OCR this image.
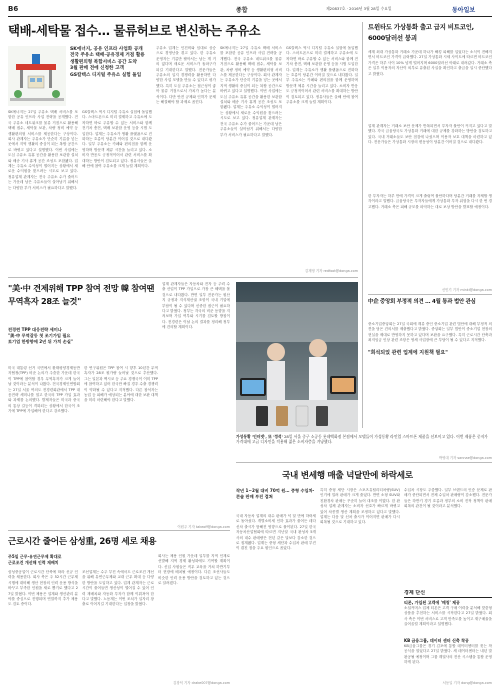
B6	종합	제20837호 · 2016년 3월 28일 수요일	동아일보
택배-세탁물 접수… 물류허브로 변신하는 주유소
SK에너지, 공유 인프라 사업화 공개
전국 주유소 택배·공유경제 거점 활용
생활편의형 복합서비스 공간 도약
3월 판매 전에 신청한 고객
GS칼텍스 디지털 주유소 실험 돌입
SK에너지는 27일 주유소 택배 서비스를 포함한 공유 인프라 사업 전략을 공개했다. 전국 주유소 네트워크를 물류 거점으로 활용해 택배 접수, 세탁물 보관, 차량 정비 예약 등 생활편의형 서비스를 제공한다는 구상이다. 회사 관계자는 주유소가 단순히 기름을 넣는 곳에서 지역 생활의 중심이 되는 복합 공간으로 바뀌고 있다고 설명했다. 이번 사업에는 도심 주유소 유휴 공간을 활용한 보관함 설치와 배송 기사 휴게 공간 조성도 포함됐다. 업계는 주유소 수익성이 떨어지는 상황에서 새로운 수익원을 찾으려는 시도로 보고 있다. 정유업계 관계자는 전국 주유소 수가 줄어드는 가운데 남은 주유소들이 살아남기 위해서는 다양한 부가 서비스가 필요하다고 말했다.
GS칼텍스 역시 디지털 주유소 실험에 돌입했다. 스마트폰으로 미리 결제하고 주유소에 도착하면 바로 주유할 수 있는 서비스와 함께 전기차 충전, 택배 보관함 운영 등을 시범 도입한다. 업계는 주유소가 생활 플랫폼으로 진화하는 흐름이 당분간 이어질 것으로 내다봤다. 일부 주유소는 카페와 편의점을 함께 운영하며 방문객 체류 시간을 늘리고 있다. 소비자 반응도 긍정적이어서 관련 서비스를 확대하는 방안이 검토되고 있다. 정유사들은 올해 안에 참여 주유소를 크게 늘릴 계획이다.
주유소 업계는 인건비와 임대료 상승으로 경영난을 겪고 있다. 한 주유소 운영자는 기름만 팔아서는 남는 게 거의 없다며 새로운 서비스가 돌파구가 되길 기대한다고 말했다. 전문가들은 주유소의 입지 경쟁력을 활용하면 다양한 사업 모델을 만들 수 있다고 평가했다. 특히 도심 주유소는 접근성이 좋아 물류 거점으로서 가치가 높다는 분석이다. 다만 안전 규제와 인허가 문제는 해결해야 할 과제로 꼽힌다.
SK에너지는 27일 주유소 택배 서비스를 포함한 공유 인프라 사업 전략을 공개했다. 전국 주유소 네트워크를 물류 거점으로 활용해 택배 접수, 세탁물 보관, 차량 정비 예약 등 생활편의형 서비스를 제공한다는 구상이다. 회사 관계자는 주유소가 단순히 기름을 넣는 곳에서 지역 생활의 중심이 되는 복합 공간으로 바뀌고 있다고 설명했다. 이번 사업에는 도심 주유소 유휴 공간을 활용한 보관함 설치와 배송 기사 휴게 공간 조성도 포함됐다. 업계는 주유소 수익성이 떨어지는 상황에서 새로운 수익원을 찾으려는 시도로 보고 있다. 정유업계 관계자는 전국 주유소 수가 줄어드는 가운데 남은 주유소들이 살아남기 위해서는 다양한 부가 서비스가 필요하다고 말했다.
GS칼텍스 역시 디지털 주유소 실험에 돌입했다. 스마트폰으로 미리 결제하고 주유소에 도착하면 바로 주유할 수 있는 서비스와 함께 전기차 충전, 택배 보관함 운영 등을 시범 도입한다. 업계는 주유소가 생활 플랫폼으로 진화하는 흐름이 당분간 이어질 것으로 내다봤다. 일부 주유소는 카페와 편의점을 함께 운영하며 방문객 체류 시간을 늘리고 있다. 소비자 반응도 긍정적이어서 관련 서비스를 확대하는 방안이 검토되고 있다. 정유사들은 올해 안에 참여 주유소를 크게 늘릴 계획이다.
김재영 기자 redfoot@donga.com
"美·中 견제위해 TPP 참여 전망 韓 참여땐 무역흑자 28조 늘것"
전경련 TPP 대응전략 세미나
"美·中 무역갈등 첫 조기가입 필요
토기업 한방향에 2년 뒤 가치 손실"
미국 대통령 선거 국면에서 환태평양경제동반자협정(TPP) 비준 논의가 주춤한 가운데 한국이 TPP에 참여할 경우 무역흑자가 크게 늘어날 것이라는 분석이 나왔다. 전국경제인연합회는 27일 서울 여의도 전경련회관에서 TPP 대응전략 세미나를 열고 한국의 TPP 가입 효과와 과제를 논의했다. 발제자들은 미국과 중국의 통상 갈등이 격화되는 상황에서 한국이 조기에 TPP에 가입해야 한다고 강조했다.
한 연구위원은 TPP 참여 시 향후 10년간 무역흑자가 28조 원가량 늘어날 것으로 추산했다. 그는 일본과 멕시코 등 주요 경쟁국이 이미 TPP에 참여하고 있어 한국만 빠질 경우 수출 경쟁력이 약화될 수 있다고 지적했다. 다른 참석자는 농업 등 피해가 예상되는 분야에 대한 보완 대책을 미리 마련해야 한다고 말했다.
업계 관계자들은 자동차와 전자 등 주력 수출 산업이 TPP 가입으로 가장 큰 혜택을 볼 것으로 내다봤다. 반면 일부 전문가는 원산지 규정과 지식재산권 조항이 국내 기업에 부담이 될 수 있다며 신중한 접근이 필요하다고 밝혔다. 정부는 각국의 비준 동향을 지켜보며 가입 여부와 시기를 검토할 방침이다. 전경련은 이날 논의 결과를 정리해 정부에 건의할 계획이다.
이원주 기자 takeoff@donga.com
가성동황 '인터넷', 또 '정석' 28일 서울 중구 소공동 롯데백화점 본점에서 모델들이 가성동황 라인업 스마트폰 제품을 선보이고 있다. 이번 제품은 중저가 가격대에 고급 디자인을 적용해 젊은 소비자층을 겨냥했다.
박영대 기자 sannae@donga.com
근로시간 줄어든 삼성重, 26명 세로 채용
주5일 근무·유연근무제 확대로
근로조건 개선해 인력 재배치
삼성중공업이 근로시간 단축에 따라 신규 인력을 채용한다. 회사 측은 주 52시간 근무제 시행에 대비해 생산 현장의 인력 운용 방식을 바꾸고 부족한 인원을 새로 뽑기로 했다고 27일 밝혔다. 이번 채용은 설계와 생산관리 분야를 중심으로 진행되며 연말까지 추가 채용도 검토 중이다.
조선업계는 수주 부진 속에서도 근로조건 개선을 위해 유연근무제와 교대 근무 확대 등 다양한 방안을 도입하고 있다. 업계 관계자는 근로시간이 줄어들면 생산성이 떨어질 수 있어 인력 재배치와 자동화 투자가 함께 이뤄져야 한다고 말했다. 노동계는 이번 조치가 일자리 창출로 이어지길 기대한다는 입장을 밝혔다.
회사는 채용 인원 가운데 일부를 지역 인재로 선발해 지역 경제 활성화에도 기여할 계획이다. 신입 사원들은 직무 교육을 거쳐 하반기부터 현장에 배치될 예정이다. 다른 조선사들도 비슷한 인력 운용 방안을 검토하고 있는 것으로 알려졌다.
김창덕 기자 drake007@donga.com
국내 변세행 매출 넉달만에 하락세로
작년 1~2월 대비 70억 원… 중형 수입차·콘솔 판매 부진 겹쳐
국내 자동차 업계의 내수 판매가 넉 달 만에 하락세로 돌아섰다. 개별소비세 인하 효과가 줄어든 데다 신차 출시가 뜸해진 영향으로 풀이된다. 27일 한국자동차산업협회에 따르면 지난달 국내 완성차 5개사의 내수 판매량은 전년 같은 달보다 감소한 것으로 집계됐다. 업계는 중형 세단과 수입차 판매 부진이 겹친 점을 주요 원인으로 꼽았다.
특히 중형 세단 시장은 스포츠유틸리티차량(SUV) 인기에 밀려 판매가 크게 줄었다. 반면 소형 SUV와 친환경차 판매는 꾸준히 늘어 대조를 이뤘다. 한 완성차 업체 관계자는 소비자 선호가 빠르게 바뀌고 있어 차종별 생산 계획을 조정하고 있다고 말했다. 업계는 다음 달 신차 출시가 이어지면 판매가 다시 회복될 것으로 기대하고 있다.
수입차 시장도 주춤했다. 일부 브랜드의 인증 문제로 판매가 중단되면서 전체 수입차 판매량이 감소했다. 전문가들은 하반기 경기 흐름과 정부의 소비 진작 정책이 판매 회복의 관건이 될 것이라고 분석했다.
서동일 기자 dong@donga.com
트윈타도 가상통화 출고 급지 비트코인, 6000달러선 붕괴
세계 최대 가상통화 거래소 가운데 하나가 해킹 피해를 입었다는 소식이 전해지면서 비트코인 가격이 급락했다. 27일 가상통화 시세 사이트에 따르면 비트코인 가격은 하루 사이 10% 넘게 떨어지며 6000달러선 아래로 내려갔다. 거래소 측은 일부 이용자의 자산이 외부로 유출된 사실을 확인하고 출금을 일시 중단했다고 밝혔다.
업계 관계자는 거래소 보안 문제가 반복되면서 투자자 불안이 커지고 있다고 말했다. 각국 금융당국도 가상통화 거래에 대한 규제를 강화하는 방안을 검토하고 있다. 국내 거래소들도 보안 점검에 나섰으며 이용자 보호 대책을 마련하고 있다. 전문가들은 가상통화 시장의 변동성이 당분간 이어질 것으로 내다봤다.
한 투자자는 하루 만에 가격이 크게 출렁여 불안하다며 당분간 거래를 자제할 생각이라고 말했다. 금융당국은 투자자들에게 가상통화 투자 위험을 다시 한 번 경고했다. 거래소 측은 피해 규모를 파악하는 대로 보상 방안을 발표할 예정이다.
신민기 기자 minki@donga.com
中企 중앙회 부정적 의견 … 4월 통과 법안 관심
중소기업중앙회는 27일 국회에 계류 중인 중소기업 관련 법안에 대해 부정적 의견을 담은 건의서를 제출했다고 밝혔다. 중앙회는 일부 법안이 중소기업 현장의 현실을 제대로 반영하지 못하고 있다며 보완을 요구했다. 특히 근로시간 단축과 최저임금 인상 관련 조항은 영세 사업장에 큰 부담이 될 수 있다고 지적했다.
"희석되었 관련 업계에 지원책 필요"
경제 단신
티몬, 가입된 고객에 '매칭' 제공
소셜커머스 업체 티몬은 고객 구매 이력을 분석해 맞춤형 상품을 추천하는 서비스를 시작한다고 27일 밝혔다. 회사 측은 이번 서비스로 고객 만족도를 높이고 재구매율을 끌어올릴 계획이라고 설명했다.
KB 금융그룹, 데이터 센터 신축 착공
KB금융그룹은 경기 김포에 통합 데이터센터를 짓는 착공식을 열었다고 27일 밝혔다. 새 데이터센터는 내년 말 완공될 예정이며 그룹 계열사의 전산 시스템을 통합 운영하게 된다.
